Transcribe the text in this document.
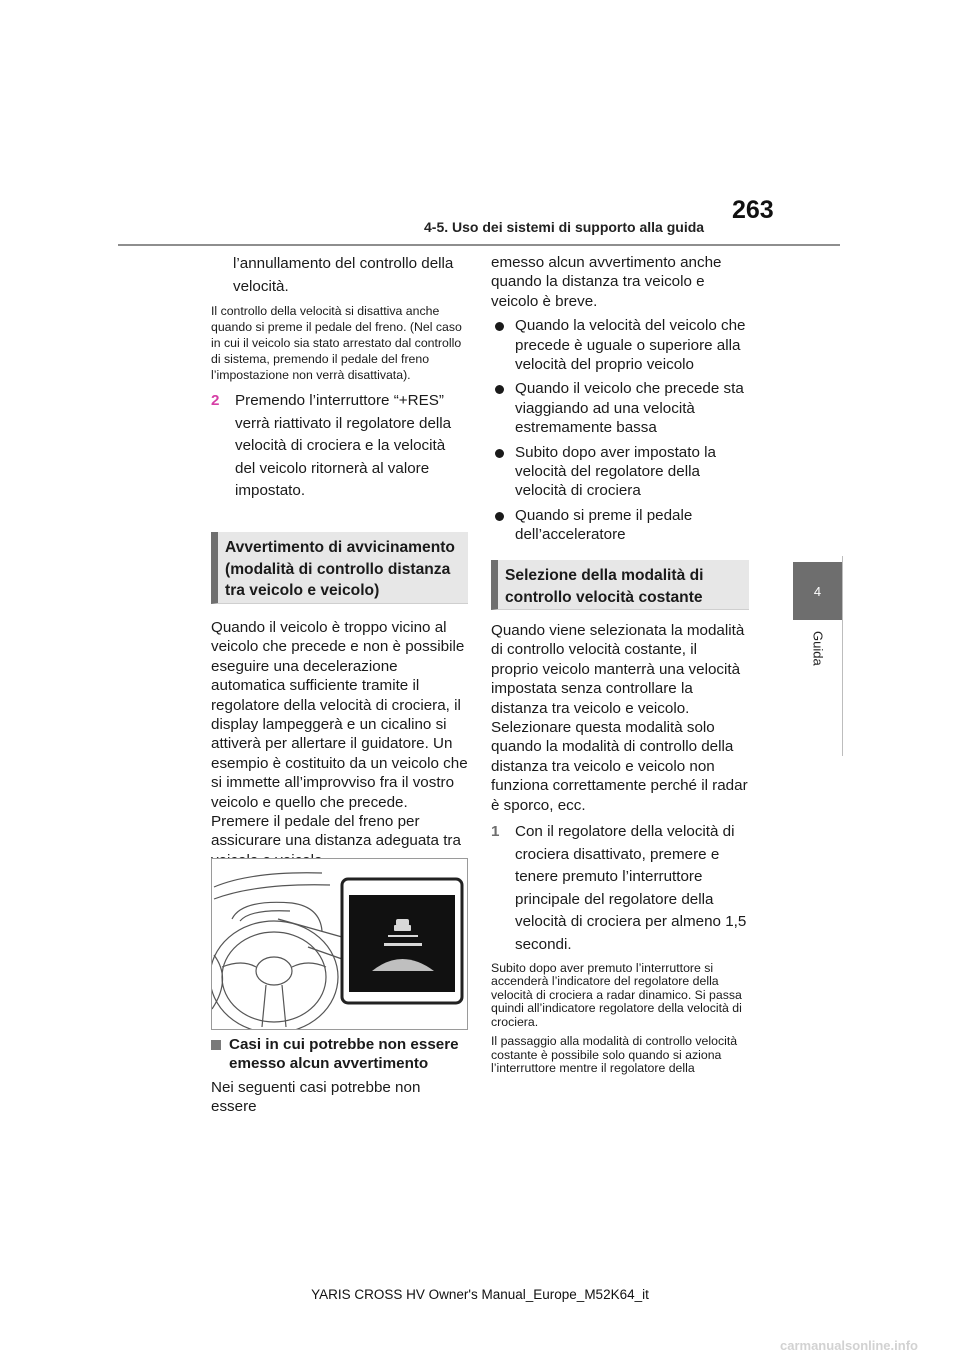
263
4-5. Uso dei sistemi di supporto alla guida
4
Guida

l’annullamento del controllo della velocità.

Il controllo della velocità si disattiva anche quando si preme il pedale del freno. (Nel caso in cui il veicolo sia stato arrestato dal controllo di sistema, premendo il pedale del freno l’impostazione non verrà disattivata).

2 Premendo l’interruttore “+RES” verrà riattivato il regolatore della velocità di crociera e la velocità del veicolo ritornerà al valore impostato.

Avvertimento di avvicinamento (modalità di controllo distanza tra veicolo e veicolo)

Quando il veicolo è troppo vicino al veicolo che precede e non è possibile eseguire una decelerazione automatica sufficiente tramite il regolatore della velocità di crociera, il display lampeggerà e un cicalino si attiverà per allertare il guidatore. Un esempio è costituito da un veicolo che si immette all’improvviso fra il vostro veicolo e quello che precede. Premere il pedale del freno per assicurare una distanza adeguata tra

Casi in cui potrebbe non essere emesso alcun avvertimento

Nei seguenti casi potrebbe non essere

emesso alcun avvertimento anche quando la distanza tra veicolo e veicolo è breve.

Quando la velocità del veicolo che precede è uguale o superiore alla velocità del proprio veicolo

Quando il veicolo che precede sta viaggiando ad una velocità estremamente bassa

Subito dopo aver impostato la velocità del regolatore della velocità di crociera

Quando si preme il pedale dell’acceleratore

Selezione della modalità di controllo velocità costante

Quando viene selezionata la modalità di controllo velocità costante, il proprio veicolo manterrà una velocità impostata senza controllare la distanza tra veicolo e veicolo. Selezionare questa modalità solo quando la modalità di controllo della distanza tra veicolo e veicolo non funziona correttamente perché il radar è sporco, ecc.

1 Con il regolatore della velocità di crociera disattivato, premere e tenere premuto l’interruttore principale del regolatore della velocità di crociera per almeno 1,5 secondi.

Subito dopo aver premuto l’interruttore si accenderà l’indicatore del regolatore della velocità di crociera a radar dinamico. Si passa quindi all’indicatore regolatore della velocità di crociera.

Il passaggio alla modalità di controllo velocità costante è possibile solo quando si aziona l’interruttore mentre il regolatore della

YARIS CROSS HV Owner's Manual_Europe_M52K64_it
carmanualsonline.info
